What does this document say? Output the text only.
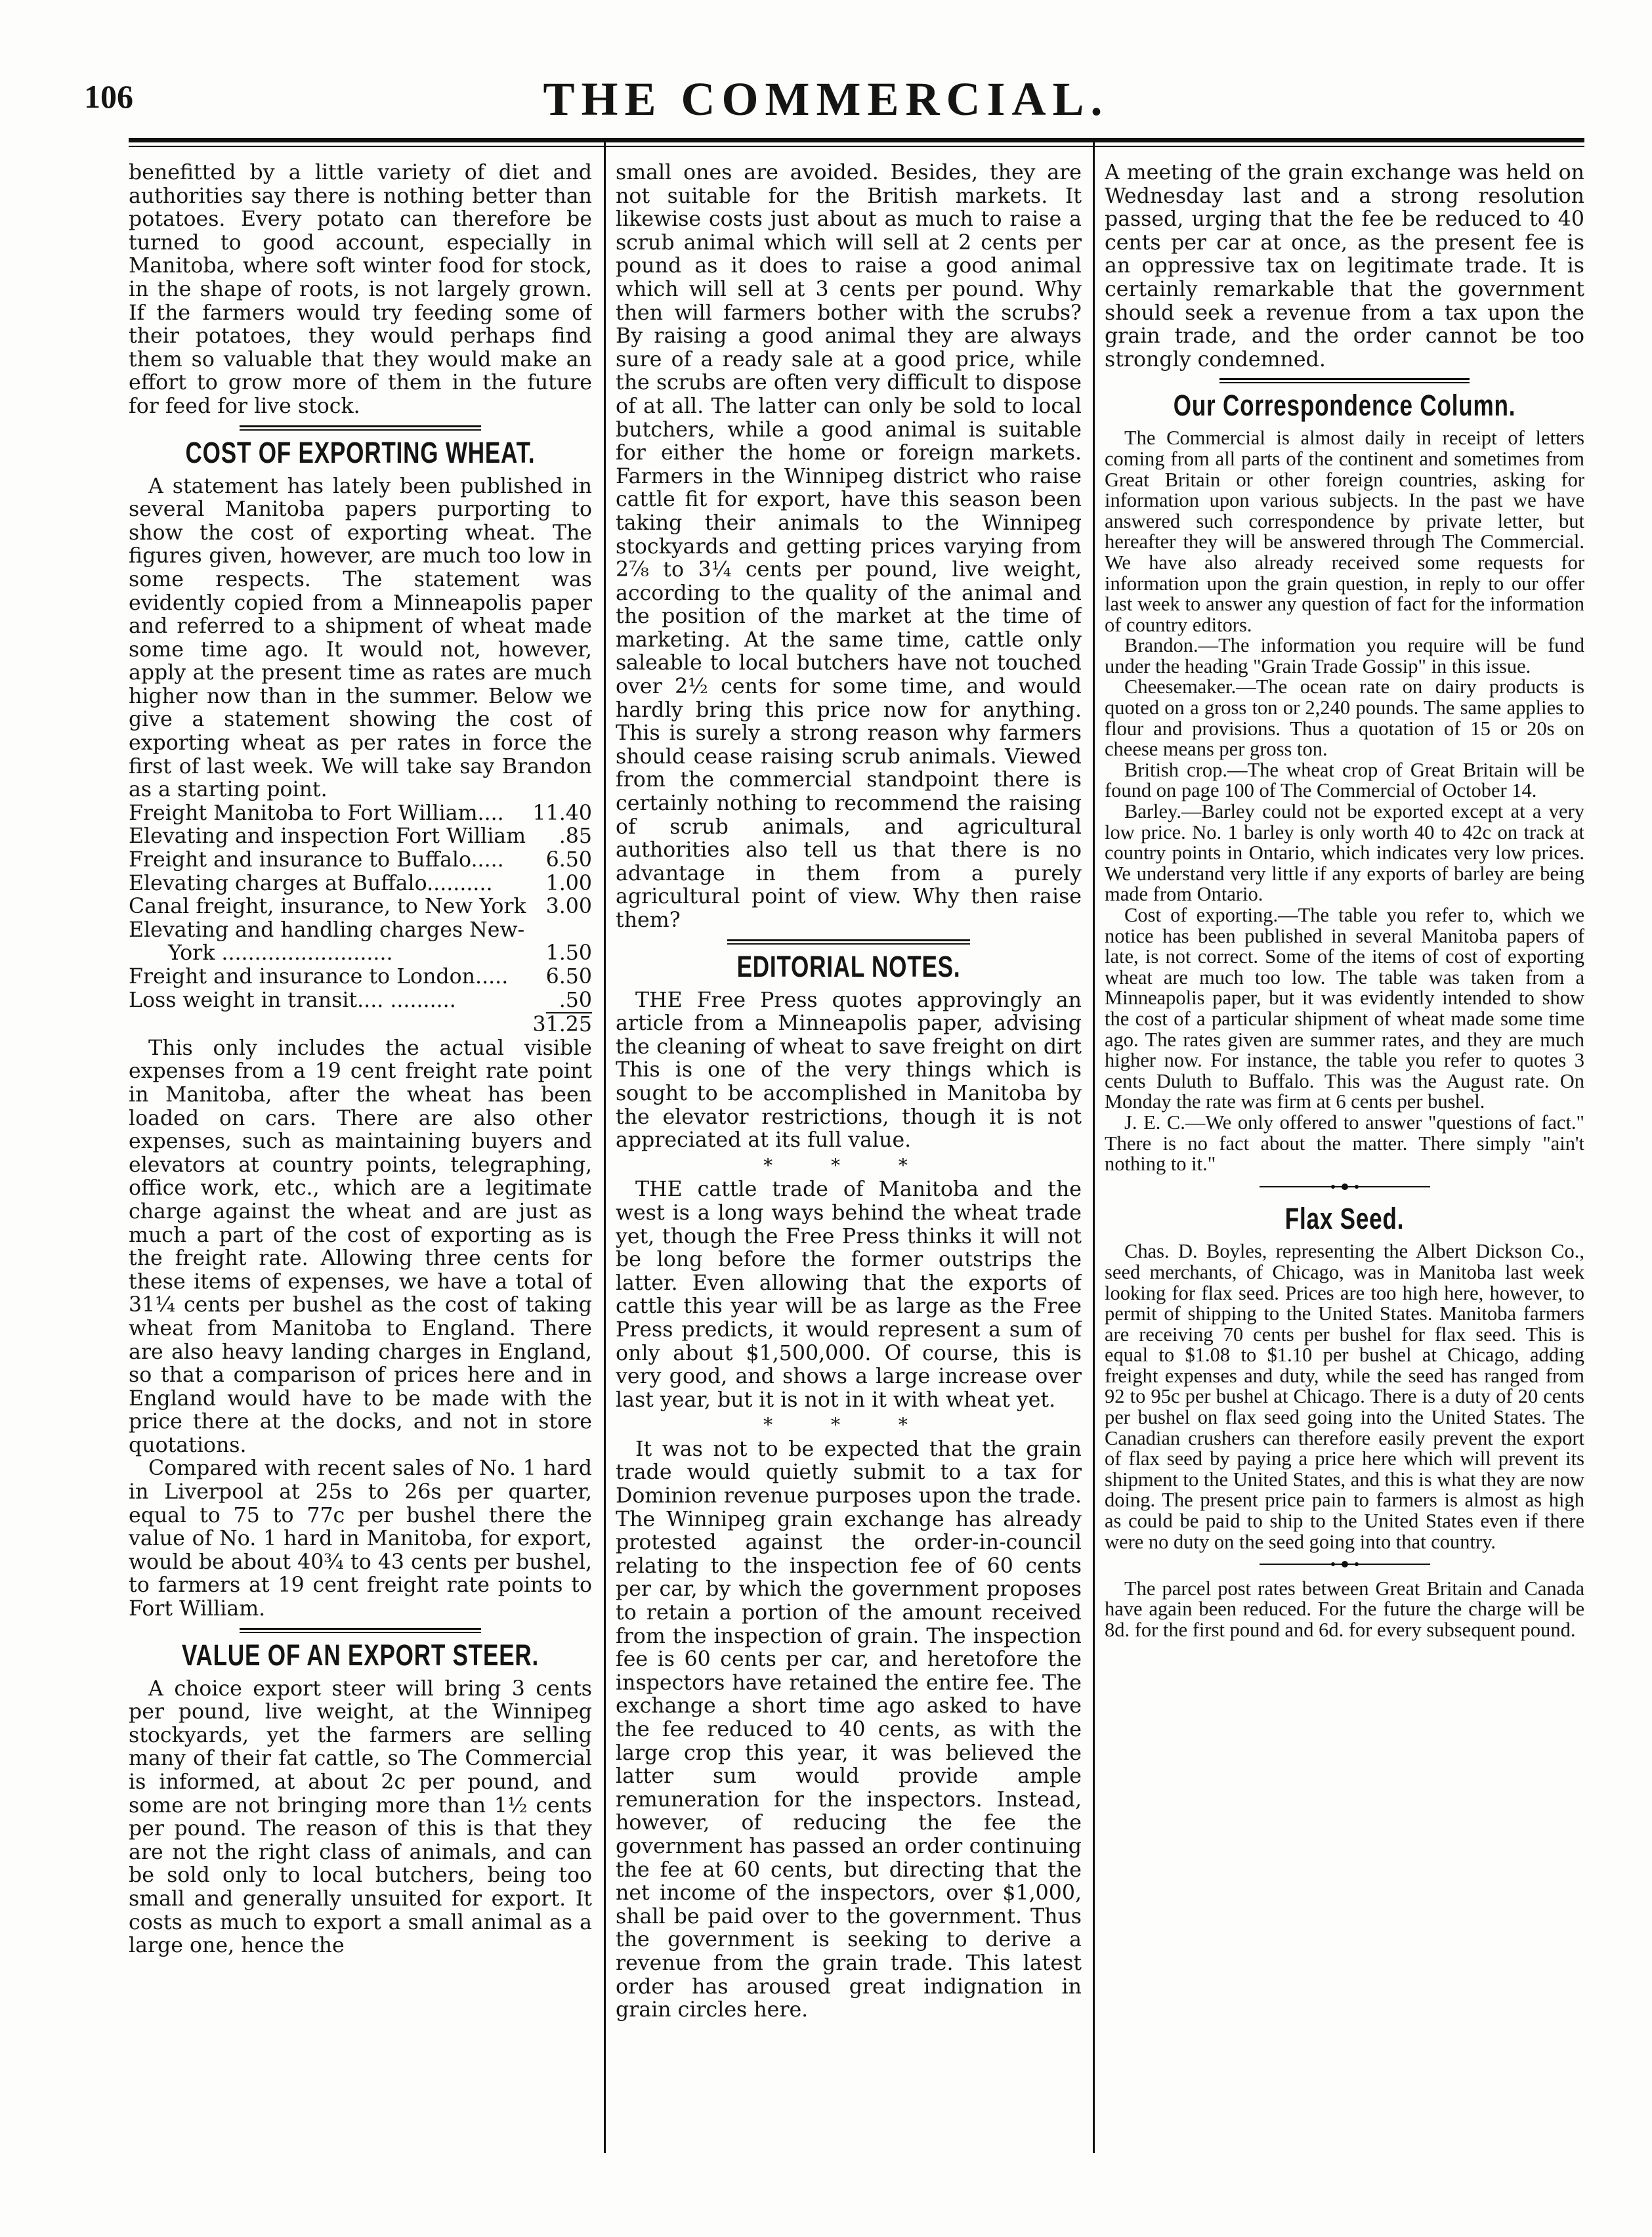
106	THE COMMERCIAL.

benefitted by a little variety of diet and authorities say there is nothing better than potatoes. Every potato can therefore be turned to good account, especially in Manitoba, where soft winter food for stock, in the shape of roots, is not largely grown. If the farmers would try feeding some of their potatoes, they would perhaps find them so valuable that they would make an effort to grow more of them in the future for feed for live stock.

COST OF EXPORTING WHEAT.

A statement has lately been published in several Manitoba papers purporting to show the cost of exporting wheat. The figures given, however, are much too low in some respects. The statement was evidently copied from a Minneapolis paper and referred to a shipment of wheat made some time ago. It would not, however, apply at the present time as rates are much higher now than in the summer. Below we give a statement showing the cost of exporting wheat as per rates in force the first of last week. We will take say Brandon as a starting point.

Freight Manitoba to Fort William.... 11.40
Elevating and inspection Fort William .85
Freight and insurance to Buffalo..... 6.50
Elevating charges at Buffalo..........	1.00
Canal freight, insurance, to New York 3.00
Elevating and handling charges New-
York ..........................	1.50
Freight and insurance to London..... 6.50
Loss weight in transit.... ..........	.50
31.25

This only includes the actual visible expenses from a 19 cent freight rate point in Manitoba, after the wheat has been loaded on cars. There are also other expenses, such as maintaining buyers and elevators at country points, telegraphing, office work, etc., which are a legitimate charge against the wheat and are just as much a part of the cost of exporting as is the freight rate. Allowing three cents for these items of expenses, we have a total of 31¼ cents per bushel as the cost of taking wheat from Manitoba to England. There are also heavy landing charges in England, so that a comparison of prices here and in England would have to be made with the price there at the docks, and not in store quotations.

Compared with recent sales of No. 1 hard in Liverpool at 25s to 26s per quarter, equal to 75 to 77c per bushel there the value of No. 1 hard in Manitoba, for export, would be about 40¾ to 43 cents per bushel, to farmers at 19 cent freight rate points to Fort William.

VALUE OF AN EXPORT STEER.

A choice export steer will bring 3 cents per pound, live weight, at the Winnipeg stockyards, yet the farmers are selling many of their fat cattle, so The Commercial is informed, at about 2c per pound, and some are not bringing more than 1½ cents per pound. The reason of this is that they are not the right class of animals, and can be sold only to local butchers, being too small and generally unsuited for export. It costs as much to export a small animal as a large one, hence the

small ones are avoided. Besides, they are not suitable for the British markets. It likewise costs just about as much to raise a scrub animal which will sell at 2 cents per pound as it does to raise a good animal which will sell at 3 cents per pound. Why then will farmers bother with the scrubs? By raising a good animal they are always sure of a ready sale at a good price, while the scrubs are often very difficult to dispose of at all. The latter can only be sold to local butchers, while a good animal is suitable for either the home or foreign markets. Farmers in the Winnipeg district who raise cattle fit for export, have this season been taking their animals to the Winnipeg stockyards and getting prices varying from 2⅞ to 3¼ cents per pound, live weight, according to the quality of the animal and the position of the market at the time of marketing. At the same time, cattle only saleable to local butchers have not touched over 2½ cents for some time, and would hardly bring this price now for anything. This is surely a strong reason why farmers should cease raising scrub animals. Viewed from the commercial standpoint there is certainly nothing to recommend the raising of scrub animals, and agricultural authorities also tell us that there is no advantage in them from a purely agricultural point of view. Why then raise them?

EDITORIAL NOTES.

THE Free Press quotes approvingly an article from a Minneapolis paper, advising the cleaning of wheat to save freight on dirt This is one of the very things which is sought to be accomplished in Manitoba by the elevator restrictions, though it is not appreciated at its full value.

* * *

THE cattle trade of Manitoba and the west is a long ways behind the wheat trade yet, though the Free Press thinks it will not be long before the former outstrips the latter. Even allowing that the exports of cattle this year will be as large as the Free Press predicts, it would represent a sum of only about $1,500,000. Of course, this is very good, and shows a large increase over last year, but it is not in it with wheat yet.

* * *

It was not to be expected that the grain trade would quietly submit to a tax for Dominion revenue purposes upon the trade. The Winnipeg grain exchange has already protested against the order-in-council relating to the inspection fee of 60 cents per car, by which the government proposes to retain a portion of the amount received from the inspection of grain. The inspection fee is 60 cents per car, and heretofore the inspectors have retained the entire fee. The exchange a short time ago asked to have the fee reduced to 40 cents, as with the large crop this year, it was believed the latter sum would provide ample remuneration for the inspectors. Instead, however, of reducing the fee the government has passed an order continuing the fee at 60 cents, but directing that the net income of the inspectors, over $1,000, shall be paid over to the government. Thus the government is seeking to derive a revenue from the grain trade. This latest order has aroused great indignation in grain circles here.

A meeting of the grain exchange was held on Wednesday last and a strong resolution passed, urging that the fee be reduced to 40 cents per car at once, as the present fee is an oppressive tax on legitimate trade. It is certainly remarkable that the government should seek a revenue from a tax upon the grain trade, and the order cannot be too strongly condemned.

Our Correspondence Column.

The Commercial is almost daily in receipt of letters coming from all parts of the continent and sometimes from Great Britain or other foreign countries, asking for information upon various subjects. In the past we have answered such correspondence by private letter, but hereafter they will be answered through The Commercial. We have also already received some requests for information upon the grain question, in reply to our offer last week to answer any question of fact for the information of country editors.

Brandon.—The information you require will be fund under the heading "Grain Trade Gossip" in this issue.

Cheesemaker.—The ocean rate on dairy products is quoted on a gross ton or 2,240 pounds. The same applies to flour and provisions. Thus a quotation of 15 or 20s on cheese means per gross ton.

British crop.—The wheat crop of Great Britain will be found on page 100 of The Commercial of October 14.

Barley.—Barley could not be exported except at a very low price. No. 1 barley is only worth 40 to 42c on track at country points in Ontario, which indicates very low prices. We understand very little if any exports of barley are being made from Ontario.

Cost of exporting.—The table you refer to, which we notice has been published in several Manitoba papers of late, is not correct. Some of the items of cost of exporting wheat are much too low. The table was taken from a Minneapolis paper, but it was evidently intended to show the cost of a particular shipment of wheat made some time ago. The rates given are summer rates, and they are much higher now. For instance, the table you refer to quotes 3 cents Duluth to Buffalo. This was the August rate. On Monday the rate was firm at 6 cents per bushel.

J. E. C.—We only offered to answer "questions of fact." There is no fact about the matter. There simply "ain't nothing to it."

Flax Seed.

Chas. D. Boyles, representing the Albert Dickson Co., seed merchants, of Chicago, was in Manitoba last week looking for flax seed. Prices are too high here, however, to permit of shipping to the United States. Manitoba farmers are receiving 70 cents per bushel for flax seed. This is equal to $1.08 to $1.10 per bushel at Chicago, adding freight expenses and duty, while the seed has ranged from 92 to 95c per bushel at Chicago. There is a duty of 20 cents per bushel on flax seed going into the United States. The Canadian crushers can therefore easily prevent the export of flax seed by paying a price here which will prevent its shipment to the United States, and this is what they are now doing. The present price pain to farmers is almost as high as could be paid to ship to the United States even if there were no duty on the seed going into that country.

The parcel post rates between Great Britain and Canada have again been reduced. For the future the charge will be 8d. for the first pound and 6d. for every subsequent pound.
